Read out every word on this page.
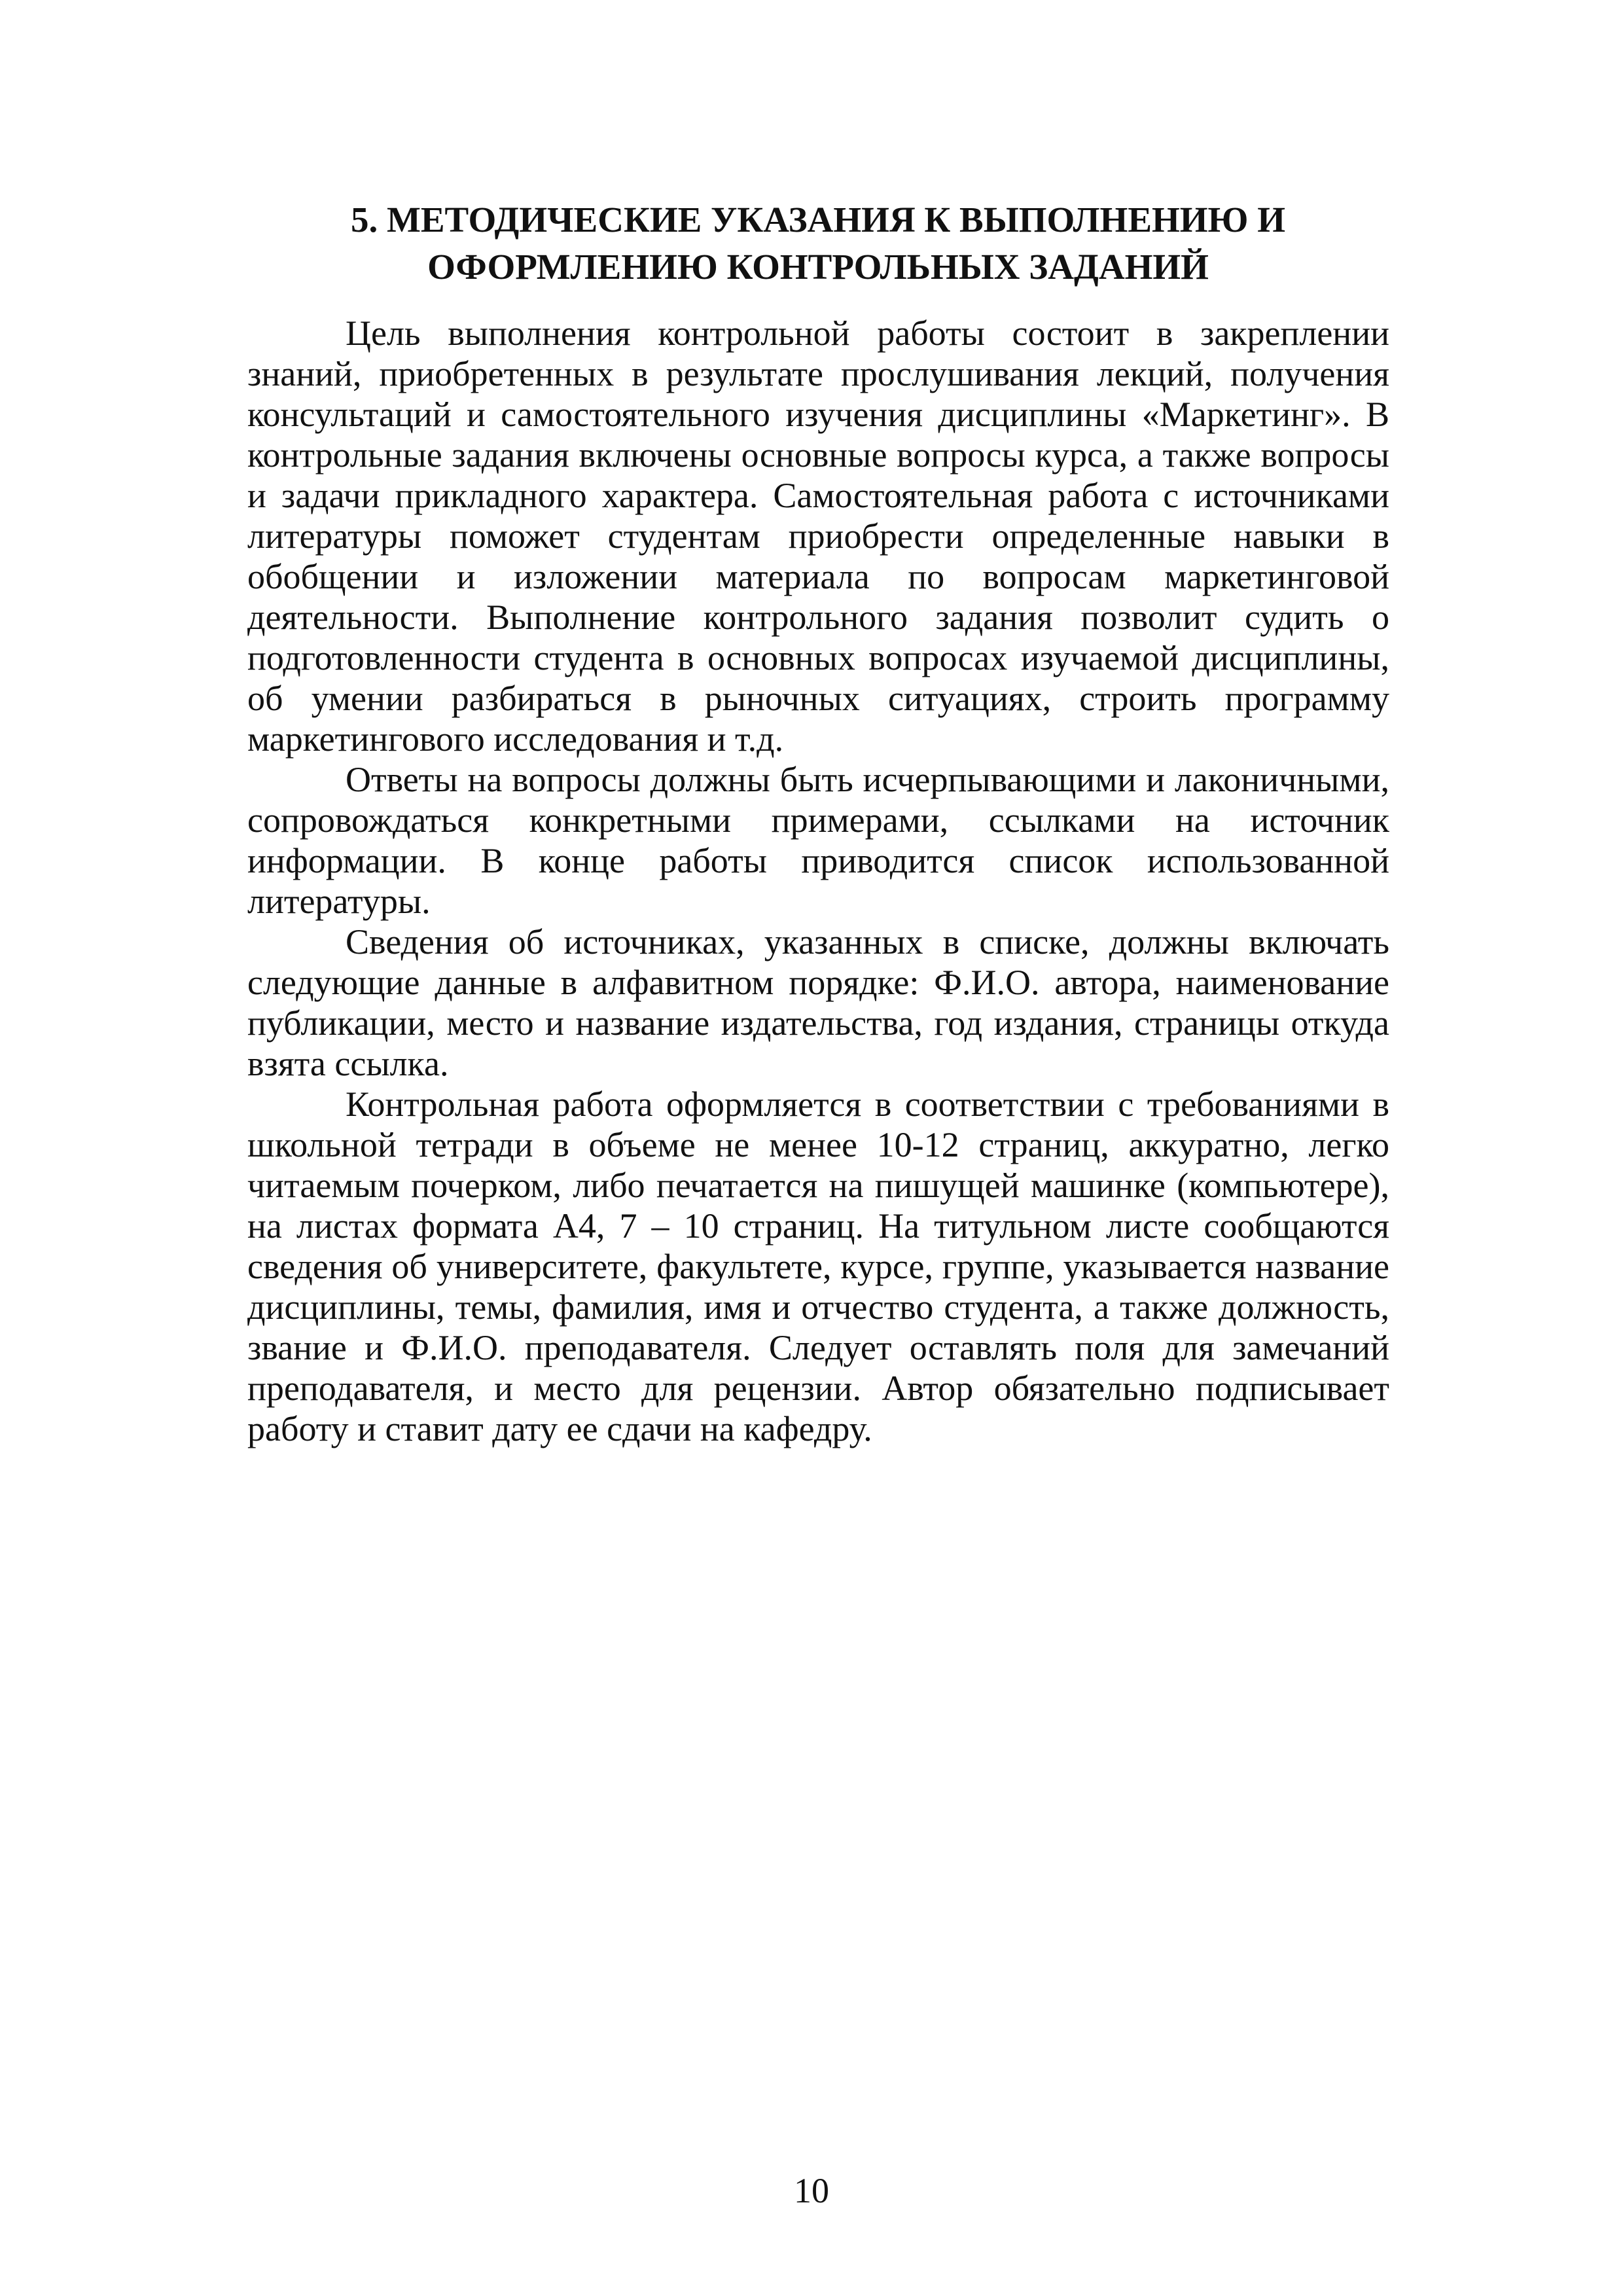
5. МЕТОДИЧЕСКИЕ УКАЗАНИЯ К ВЫПОЛНЕНИЮ И
ОФОРМЛЕНИЮ КОНТРОЛЬНЫХ ЗАДАНИЙ

Цель выполнения контрольной работы состоит в закреплении знаний, приобретенных в результате прослушивания лекций, получения консультаций и самостоятельного изучения дисциплины «Маркетинг». В контрольные задания включены основные вопросы курса, а также вопросы и задачи прикладного характера. Самостоятельная работа с источниками литературы поможет студентам приобрести определенные навыки в обобщении и изложении материала по вопросам маркетинговой деятельности. Выполнение контрольного задания позволит судить о подготовленности студента в основных вопросах изучаемой дисциплины, об умении разбираться в рыночных ситуациях, строить программу маркетингового исследования и т.д.

Ответы на вопросы должны быть исчерпывающими и лаконичными, сопровождаться конкретными примерами, ссылками на источник информации. В конце работы приводится список использованной литературы.

Сведения об источниках, указанных в списке, должны включать следующие данные в алфавитном порядке: Ф.И.О. автора, наименование публикации, место и название издательства, год издания, страницы откуда взята ссылка.

Контрольная работа оформляется в соответствии с требованиями в школьной тетради в объеме не менее 10-12 страниц, аккуратно, легко читаемым почерком, либо печатается на пишущей машинке (компьютере), на листах формата А4, 7 – 10 страниц. На титульном листе сообщаются сведения об университете, факультете, курсе, группе, указывается название дисциплины, темы, фамилия, имя и отчество студента, а также должность, звание и Ф.И.О. преподавателя. Следует оставлять поля для замечаний преподавателя, и место для рецензии. Автор обязательно подписывает работу и ставит дату ее сдачи на кафедру.

10
